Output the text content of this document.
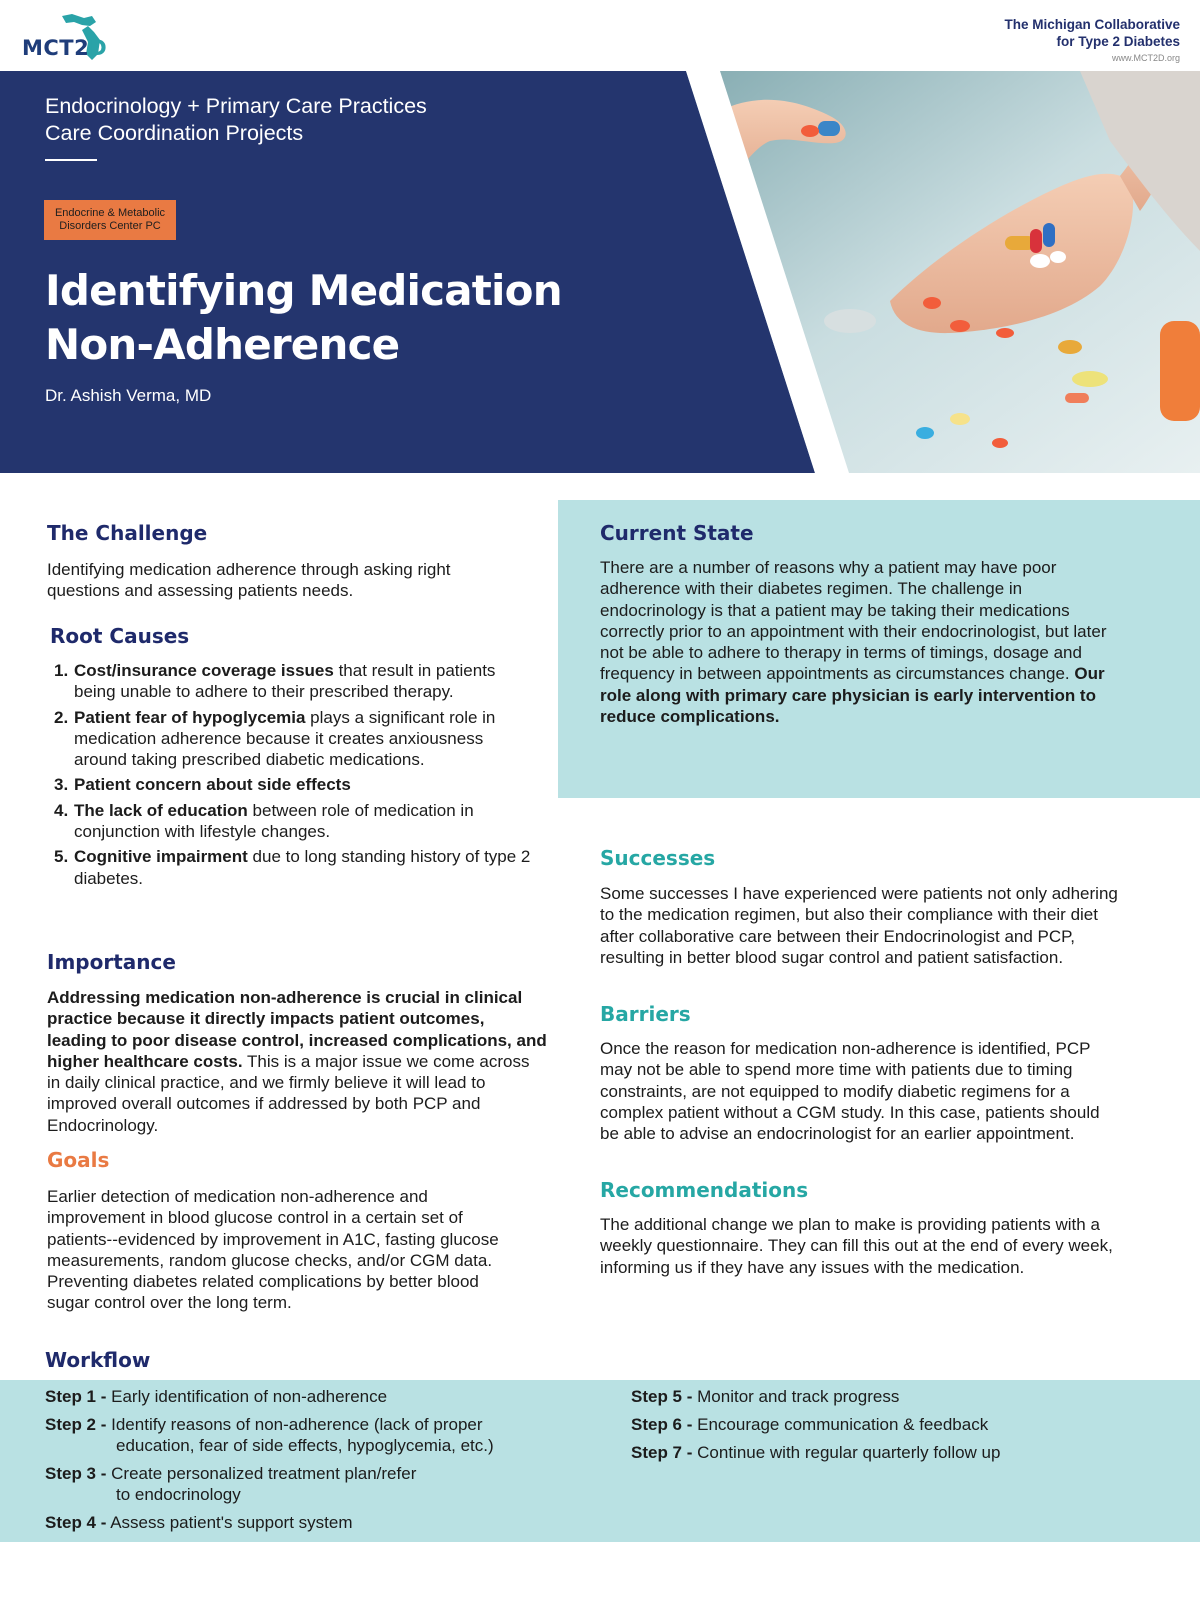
MCT2D
The Michigan Collaborative
for Type 2 Diabetes
www.MCT2D.org
Endocrinology + Primary Care Practices
Care Coordination Projects
Endocrine & Metabolic
Disorders Center PC
Identifying Medication
Non-Adherence
Dr. Ashish Verma, MD
The Challenge
Identifying medication adherence through asking right questions and assessing patients needs.
Root Causes
1. Cost/insurance coverage issues that result in patients being unable to adhere to their prescribed therapy.
2. Patient fear of hypoglycemia plays a significant role in medication adherence because it creates anxiousness around taking prescribed diabetic medications.
3. Patient concern about side effects
4. The lack of education between role of medication in conjunction with lifestyle changes.
5. Cognitive impairment due to long standing history of type 2 diabetes.
Importance
Addressing medication non-adherence is crucial in clinical practice because it directly impacts patient outcomes, leading to poor disease control, increased complications, and higher healthcare costs. This is a major issue we come across in daily clinical practice, and we firmly believe it will lead to improved overall outcomes if addressed by both PCP and Endocrinology.
Goals
Earlier detection of medication non-adherence and improvement in blood glucose control in a certain set of patients--evidenced by improvement in A1C, fasting glucose measurements, random glucose checks, and/or CGM data. Preventing diabetes related complications by better blood sugar control over the long term.
Current State
There are a number of reasons why a patient may have poor adherence with their diabetes regimen. The challenge in endocrinology is that a patient may be taking their medications correctly prior to an appointment with their endocrinologist, but later not be able to adhere to therapy in terms of timings, dosage and frequency in between appointments as circumstances change. Our role along with primary care physician is early intervention to reduce complications.
Successes
Some successes I have experienced were patients not only adhering to the medication regimen, but also their compliance with their diet after collaborative care between their Endocrinologist and PCP, resulting in better blood sugar control and patient satisfaction.
Barriers
Once the reason for medication non-adherence is identified, PCP may not be able to spend more time with patients due to timing constraints, are not equipped to modify diabetic regimens for a complex patient without a CGM study. In this case, patients should be able to advise an endocrinologist for an earlier appointment.
Recommendations
The additional change we plan to make is providing patients with a weekly questionnaire. They can fill this out at the end of every week, informing us if they have any issues with the medication.
Workflow
Step 1 - Early identification of non-adherence
Step 2 - Identify reasons of non-adherence (lack of proper
education, fear of side effects, hypoglycemia, etc.)
Step 3 - Create personalized treatment plan/refer
to endocrinology
Step 4 - Assess patient's support system
Step 5 - Monitor and track progress
Step 6 - Encourage communication & feedback
Step 7 - Continue with regular quarterly follow up
